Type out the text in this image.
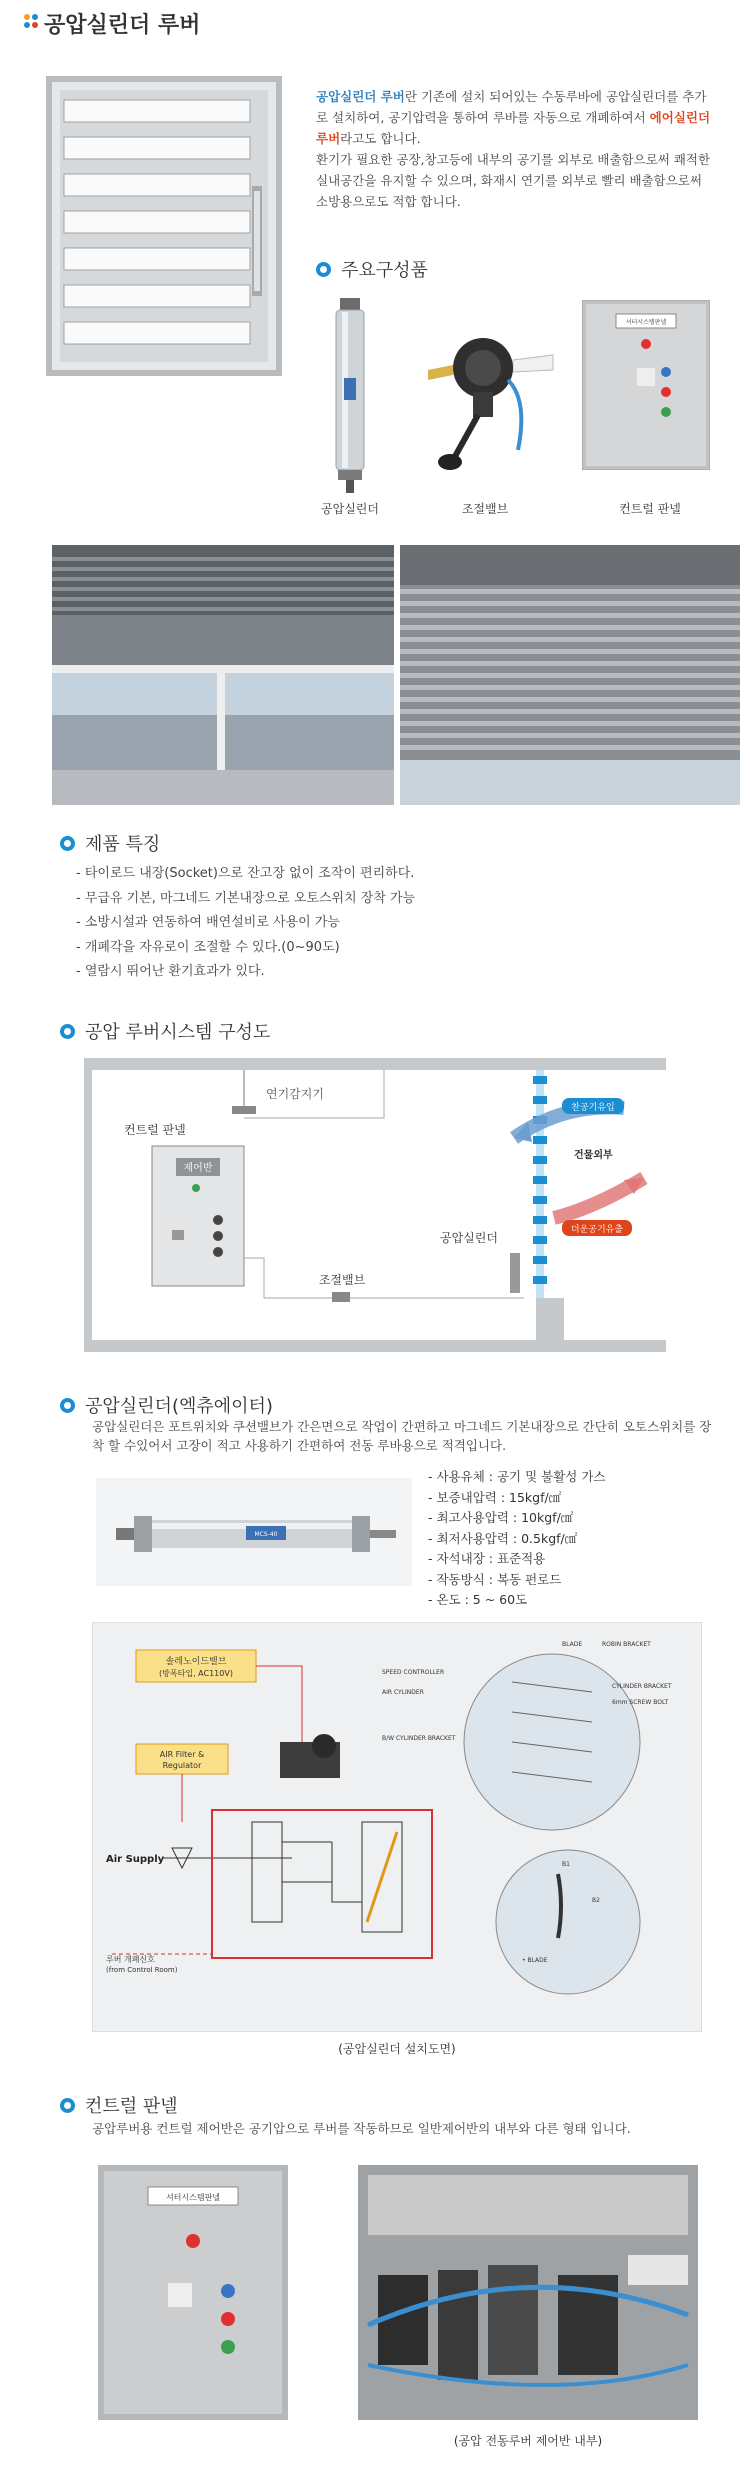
공압실린더 루버
공압실린더 루버란 기존에 설치 되어있는 수동루바에 공압실린더를 추가로 설치하여, 공기압력을 통하여 루바를 자동으로 개폐하여서 에어실린더 루버라고도 합니다.
환기가 필요한 공장,창고등에 내부의 공기를 외부로 배출함으로써 쾌적한 실내공간을 유지할 수 있으며, 화재시 연기를 외부로 빨리 배출함으로써 소방용으로도 적합 합니다.
주요구성품
셔터시스템판넬
공압실린더	조절밸브	컨트럴 판넬
제품 특징
- 타이로드 내장(Socket)으로 잔고장 없이 조작이 편리하다.
- 무급유 기본, 마그네드 기본내장으로 오토스위치 장착 가능
- 소방시설과 연동하여 배연설비로 사용이 가능
- 개폐각을 자유로이 조절할 수 있다.(0~90도)
- 열람시 뛰어난 환기효과가 있다.
공압 루버시스템 구성도
연기감지기
컨트럴 판넬
제어반
조절밸브
공압실린더
찬공기유입
건물외부
더운공기유출
공압실린더(엑츄에이터)
공압실린더은 포트위치와 쿠션밸브가 간은면으로 작업이 간편하고 마그네드 기본내장으로 간단히 오토스위치를 장착 할 수있어서 고장이 적고 사용하기 간편하여 전동 루바용으로 적격입니다.
MCS-40
- 사용유체 : 공기 및 불활성 가스
- 보증내압력 : 15kgf/㎠
- 최고사용압력 : 10kgf/㎠
- 최저사용압력 : 0.5kgf/㎠
- 자석내장 : 표준적용
- 작동방식 : 복동 펀로드
- 온도 : 5 ~ 60도
솔레노이드밸브
(방폭타입, AC110V)
AIR Filter &
Regulator
Air Supply
루버 개폐신호
(from Control Room)
BLADE	ROBIN BRACKET
SPEED CONTROLLER
AIR CYLINDER
CYLINDER BRACKET
6mm SCREW BOLT
B/W CYLINDER BRACKET
B1
B2
• BLADE
(공압실린더 설치도면)
컨트럴 판넬
공압루버용 컨트럴 제어반은 공기압으로 루버를 작동하므로 일반제어반의 내부와 다른 형태 입니다.
셔터시스템판넬
(공압 전동루버 제어반 내부)
